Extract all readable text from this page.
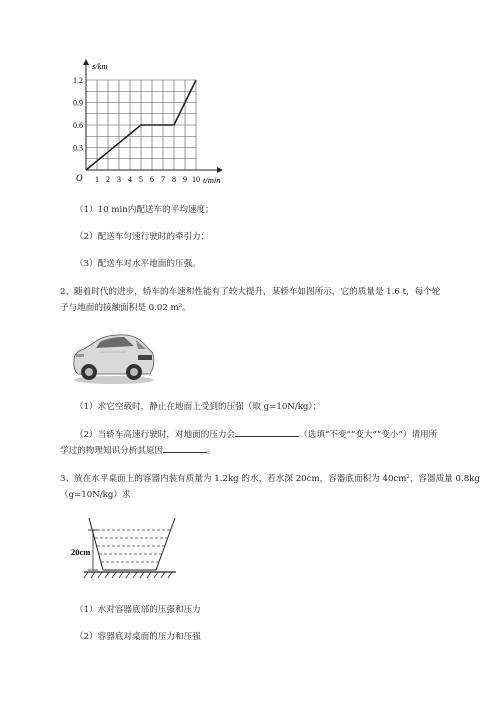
1 2 3 4 5 6 7 8 9 10
0.3
0.6
0.9
1.2
s/km
t/min
O
（1）10 min内配送车的平均速度；
（2）配送车匀速行驶时的牵引力；
（3）配送车对水平地面的压强。
2、随着时代的进步，轿车的车速和性能有了较大提升，某轿车如图所示，它的质量是 1.6 t，每个轮
子与地面的接触面积是 0.02 m²。
（1）求它空载时，静止在地面上受到的压强（取 g=10N/kg）；
（2）当轿车高速行驶时，对地面的压力会	（选填“不变”“变大”“变小”）请用所
学过的物理知识分析其原因	。
3、放在水平桌面上的容器内装有质量为 1.2kg 的水，若水深 20cm，容器底面积为 40cm²，容器质量 0.8kg
（g=10N/kg）求
20cm
（1）水对容器底部的压强和压力
（2）容器底对桌面的压力和压强
